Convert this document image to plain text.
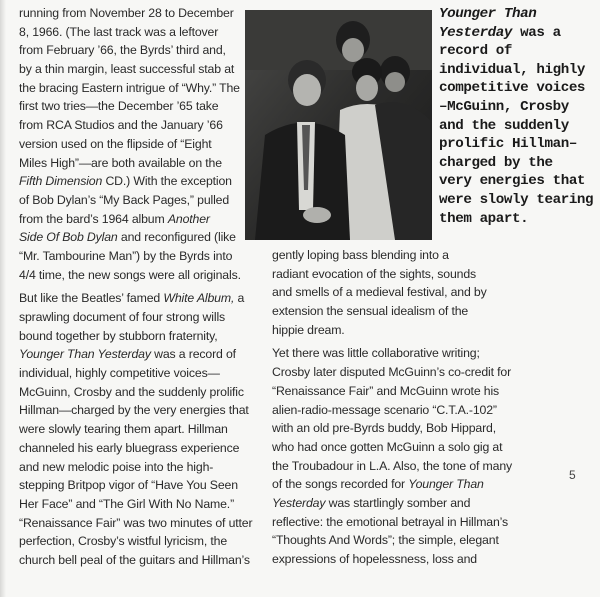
running from November 28 to December
8, 1966. (The last track was a leftover
from February ’66, the Byrds’ third and,
by a thin margin, least successful stab at
the bracing Eastern intrigue of “Why.” The
first two tries—the December ’65 take
from RCA Studios and the January ’66
version used on the flipside of “Eight
Miles High”—are both available on the
Fifth Dimension CD.) With the exception
of Bob Dylan’s “My Back Pages,” pulled
from the bard’s 1964 album Another
Side Of Bob Dylan and reconfigured (like
“Mr. Tambourine Man”) by the Byrds into
4/4 time, the new songs were all originals.
But like the Beatles’ famed White Album, a
sprawling document of four strong wills
bound together by stubborn fraternity,
Younger Than Yesterday was a record of
individual, highly competitive voices—
McGuinn, Crosby and the suddenly prolific
Hillman—charged by the very energies that
were slowly tearing them apart. Hillman
channeled his early bluegrass experience
and new melodic poise into the high-
stepping Britpop vigor of “Have You Seen
Her Face” and “The Girl With No Name.”
“Renaissance Fair” was two minutes of utter
perfection, Crosby’s wistful lyricism, the
church bell peal of the guitars and Hillman’s
Younger Than
Yesterday was a
record of
individual, highly
competitive voices
–McGuinn, Crosby
and the suddenly
prolific Hillman–
charged by the
very energies that
were slowly tearing
them apart.
gently loping bass blending into a
radiant evocation of the sights, sounds
and smells of a medieval festival, and by
extension the sensual idealism of the
hippie dream.
Yet there was little collaborative writing;
Crosby later disputed McGuinn’s co-credit for
“Renaissance Fair” and McGuinn wrote his
alien-radio-message scenario “C.T.A.-102”
with an old pre-Byrds buddy, Bob Hippard,
who had once gotten McGuinn a solo gig at
the Troubadour in L.A. Also, the tone of many
of the songs recorded for Younger Than
Yesterday was startlingly somber and
reflective: the emotional betrayal in Hillman’s
“Thoughts And Words”; the simple, elegant
expressions of hopelessness, loss and
5
